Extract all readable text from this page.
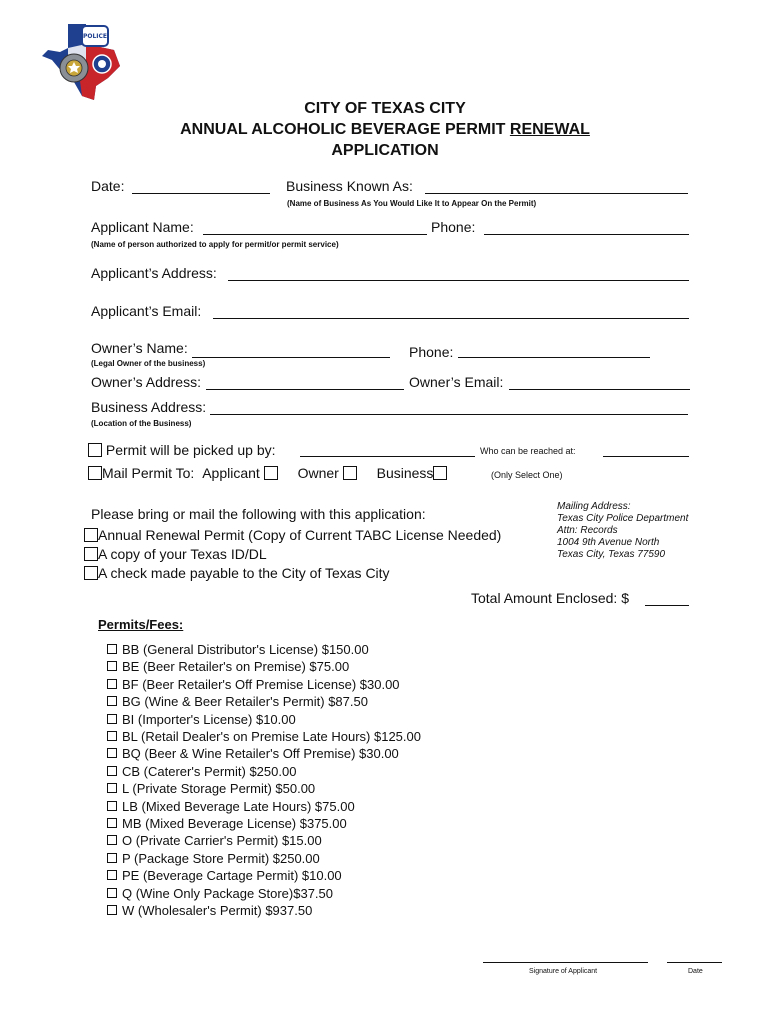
POLICE
CITY OF TEXAS CITY
ANNUAL ALCOHOLIC BEVERAGE PERMIT RENEWAL
APPLICATION
Date:	Business Known As:
(Name of Business As You Would Like It to Appear On the Permit)
Applicant Name:	Phone:
(Name of person authorized to apply for permit/or permit service)
Applicant’s Address:
Applicant’s Email:
Owner’s Name:	Phone:
(Legal Owner of the business)
Owner’s Address:	Owner’s Email:
Business Address:
(Location of the Business)
Permit will be picked up by:	Who can be reached at:
Mail Permit To: Applicant	Owner	Business	(Only Select One)
Please bring or mail the following with this application:
Annual Renewal Permit (Copy of Current TABC License Needed)
A copy of your Texas ID/DL
A check made payable to the City of Texas City
Mailing Address:
Texas City Police Department
Attn: Records
1004 9th Avenue North
Texas City, Texas 77590
Total Amount Enclosed: $
Permits/Fees:
BB (General Distributor's License) $150.00
BE (Beer Retailer's on Premise) $75.00
BF (Beer Retailer's Off Premise License) $30.00
BG (Wine & Beer Retailer's Permit) $87.50
BI (Importer's License) $10.00
BL (Retail Dealer's on Premise Late Hours) $125.00
BQ (Beer & Wine Retailer's Off Premise) $30.00
CB (Caterer's Permit) $250.00
L (Private Storage Permit) $50.00
LB (Mixed Beverage Late Hours) $75.00
MB (Mixed Beverage License) $375.00
O (Private Carrier's Permit) $15.00
P (Package Store Permit) $250.00
PE (Beverage Cartage Permit) $10.00
Q (Wine Only Package Store)$37.50
W (Wholesaler's Permit) $937.50
Signature of Applicant	Date
